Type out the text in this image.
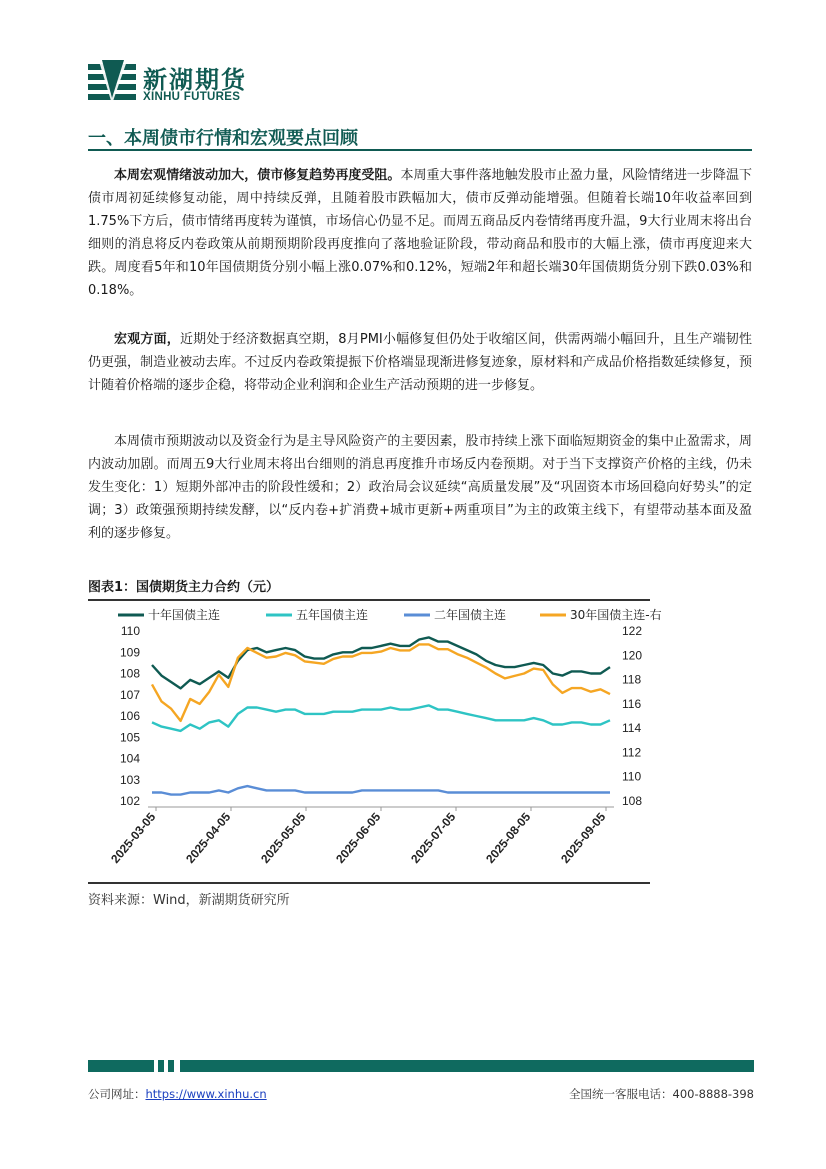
新湖期货
XINHU FUTURES
一、本周债市行情和宏观要点回顾

本周宏观情绪波动加大，债市修复趋势再度受阻。本周重大事件落地触发股市止盈力量，风险情绪进一步降温下债市周初延续修复动能，周中持续反弹，且随着股市跌幅加大，债市反弹动能增强。但随着长端10年收益率回到1.75%下方后，债市情绪再度转为谨慎，市场信心仍显不足。而周五商品反内卷情绪再度升温，9大行业周末将出台细则的消息将反内卷政策从前期预期阶段再度推向了落地验证阶段，带动商品和股市的大幅上涨，债市再度迎来大跌。周度看5年和10年国债期货分别小幅上涨0.07%和0.12%，短端2年和超长端30年国债期货分别下跌0.03%和0.18%。

宏观方面，近期处于经济数据真空期，8月PMI小幅修复但仍处于收缩区间，供需两端小幅回升，且生产端韧性仍更强，制造业被动去库。不过反内卷政策提振下价格端显现渐进修复迹象，原材料和产成品价格指数延续修复，预计随着价格端的逐步企稳，将带动企业利润和企业生产活动预期的进一步修复。

本周债市预期波动以及资金行为是主导风险资产的主要因素，股市持续上涨下面临短期资金的集中止盈需求，周内波动加剧。而周五9大行业周末将出台细则的消息再度推升市场反内卷预期。对于当下支撑资产价格的主线，仍未发生变化：1）短期外部冲击的阶段性缓和；2）政治局会议延续“高质量发展”及“巩固资本市场回稳向好势头”的定调；3）政策强预期持续发酵，以“反内卷+扩消费+城市更新+两重项目”为主的政策主线下，有望带动基本面及盈利的逐步修复。

图表1：国债期货主力合约（元）
十年国债主连	五年国债主连	二年国债主连	30年国债主连-右
102
103
104
105
106
107
108
109
110
108
110
112
114
116
118
120
122
2025-03-05 2025-04-05 2025-05-05 2025-06-05 2025-07-05 2025-08-05 2025-09-05
资料来源：Wind，新湖期货研究所
公司网址：https://www.xinhu.cn	全国统一客服电话：400-8888-398
